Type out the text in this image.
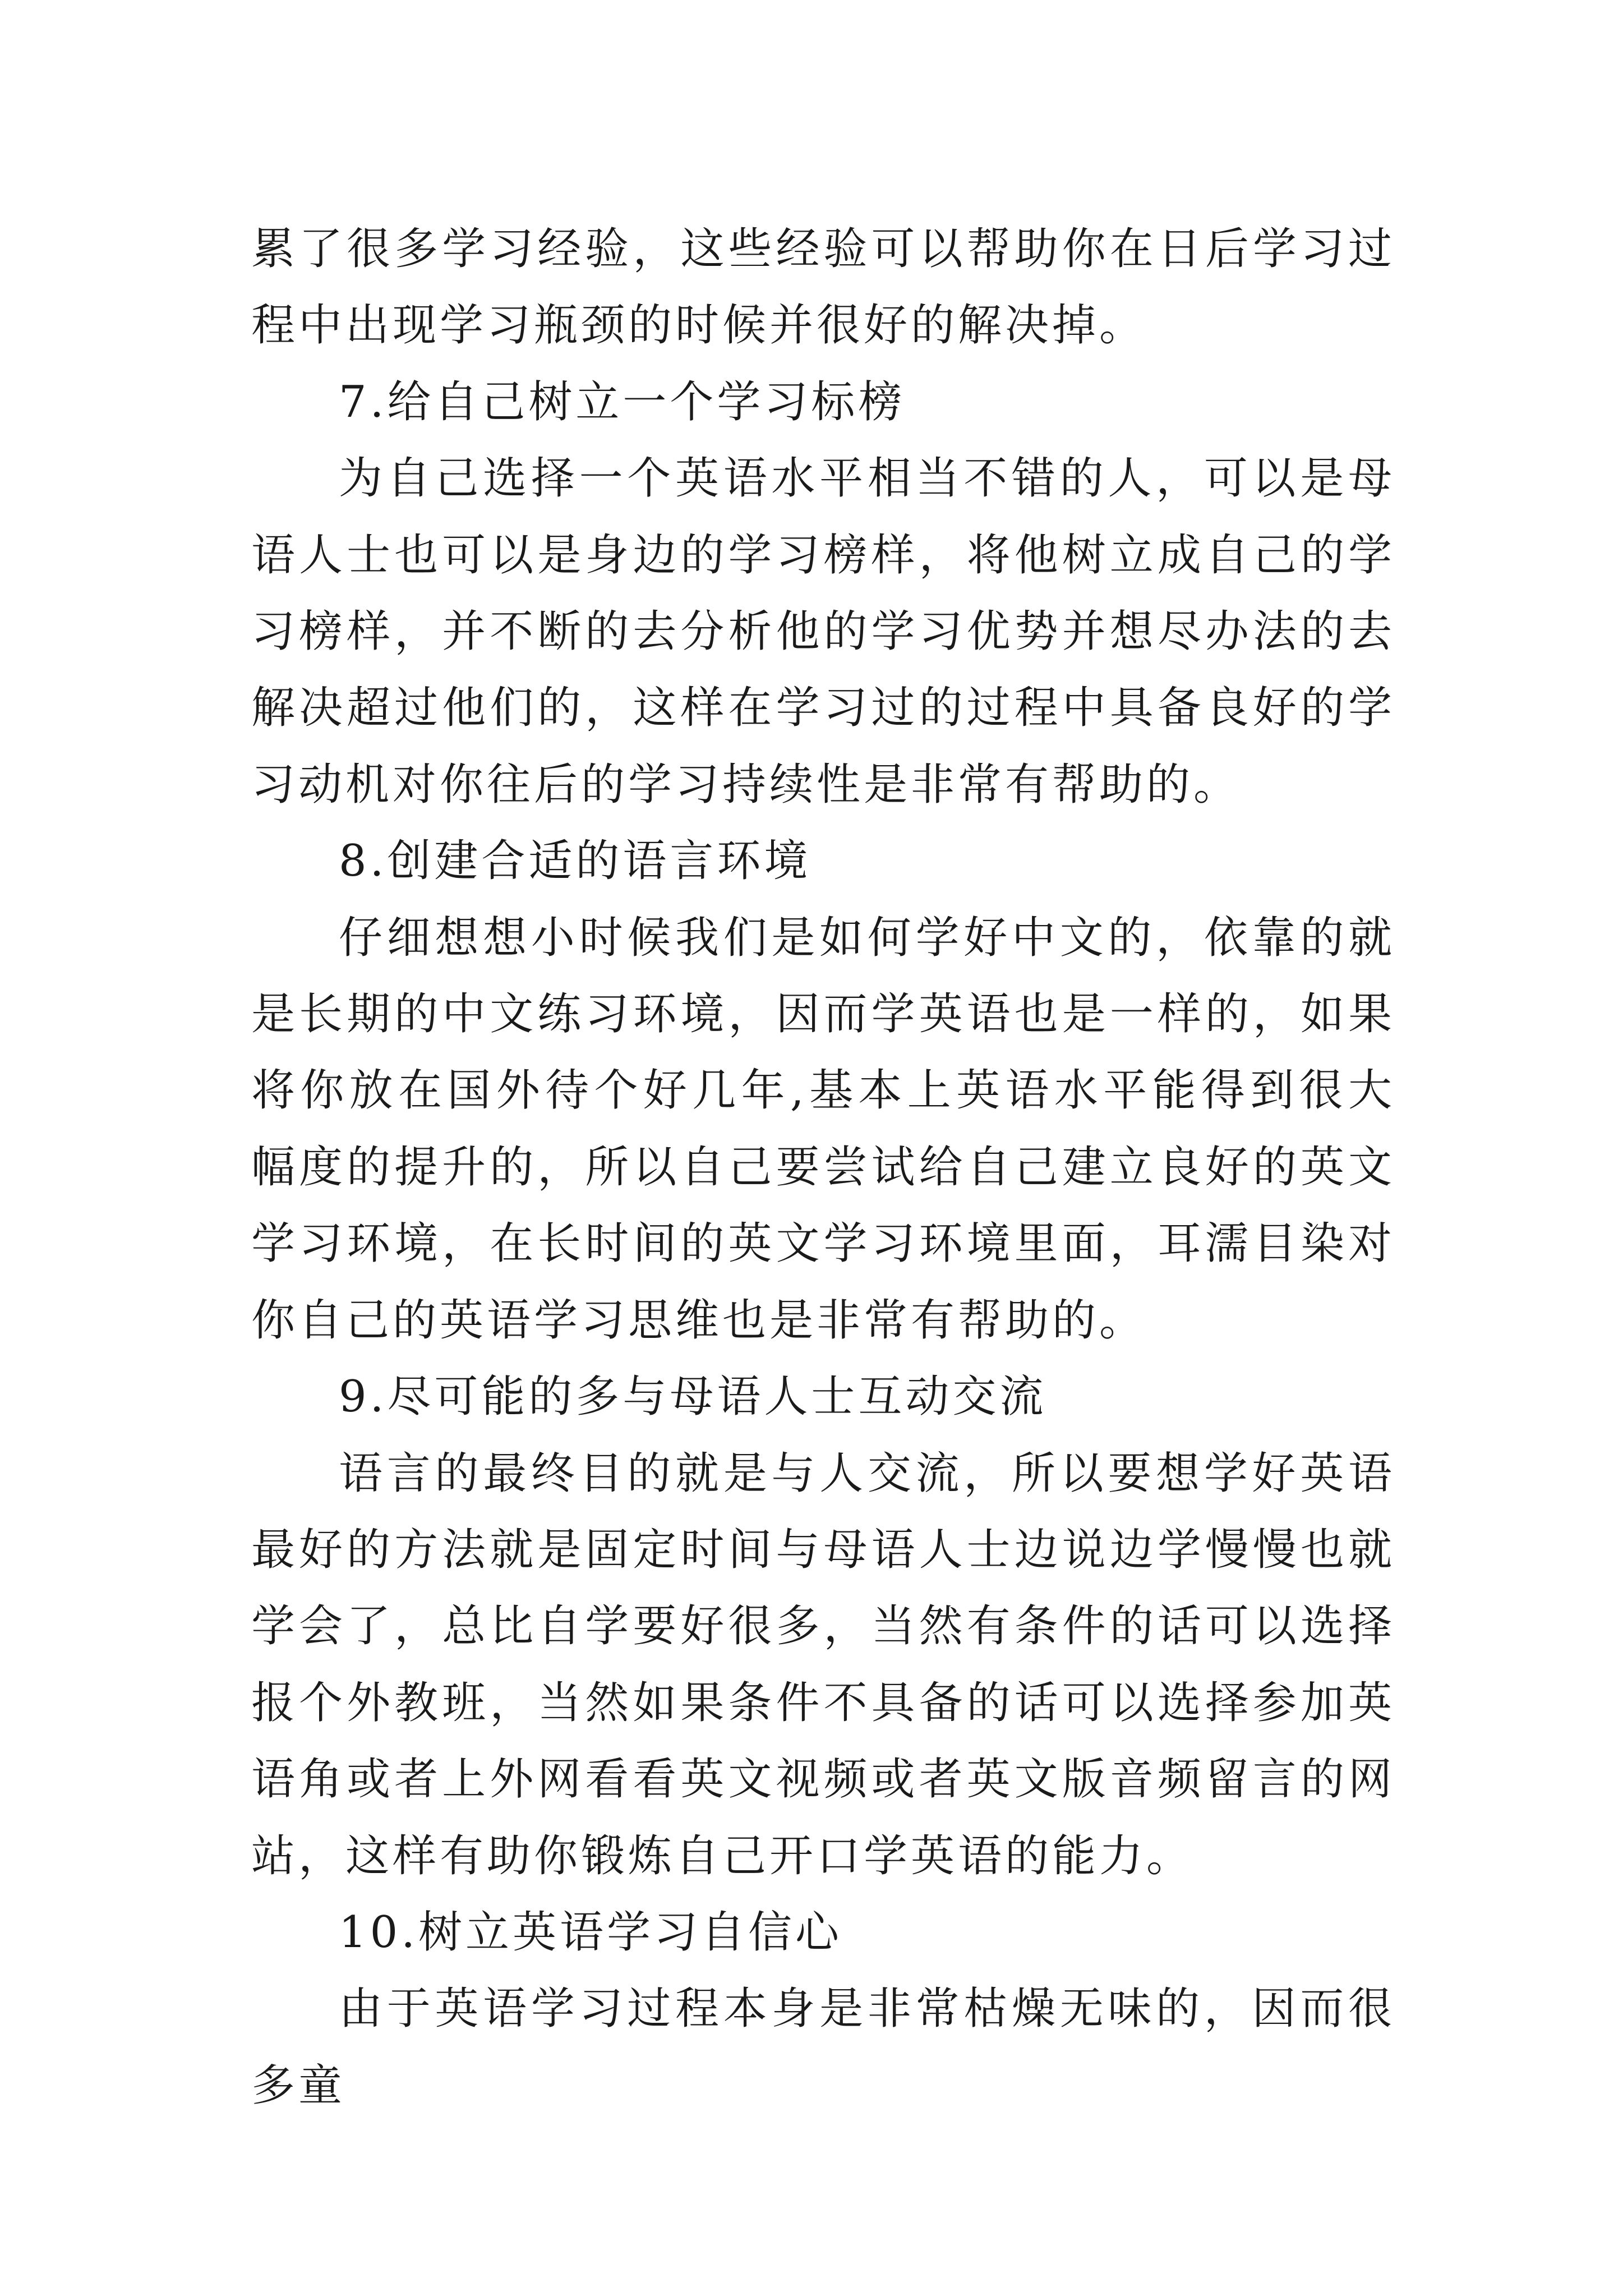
累了很多学习经验，这些经验可以帮助你在日后学习过程中出现学习瓶颈的时候并很好的解决掉。

7.给自己树立一个学习标榜

为自己选择一个英语水平相当不错的人，可以是母语人士也可以是身边的学习榜样，将他树立成自己的学习榜样，并不断的去分析他的学习优势并想尽办法的去解决超过他们的，这样在学习过的过程中具备良好的学习动机对你往后的学习持续性是非常有帮助的。

8.创建合适的语言环境

仔细想想小时候我们是如何学好中文的，依靠的就是长期的中文练习环境，因而学英语也是一样的，如果将你放在国外待个好几年,基本上英语水平能得到很大幅度的提升的，所以自己要尝试给自己建立良好的英文学习环境，在长时间的英文学习环境里面，耳濡目染对你自己的英语学习思维也是非常有帮助的。

9.尽可能的多与母语人士互动交流

语言的最终目的就是与人交流，所以要想学好英语最好的方法就是固定时间与母语人士边说边学慢慢也就学会了，总比自学要好很多，当然有条件的话可以选择报个外教班，当然如果条件不具备的话可以选择参加英语角或者上外网看看英文视频或者英文版音频留言的网站，这样有助你锻炼自己开口学英语的能力。

10.树立英语学习自信心

由于英语学习过程本身是非常枯燥无味的，因而很多童
